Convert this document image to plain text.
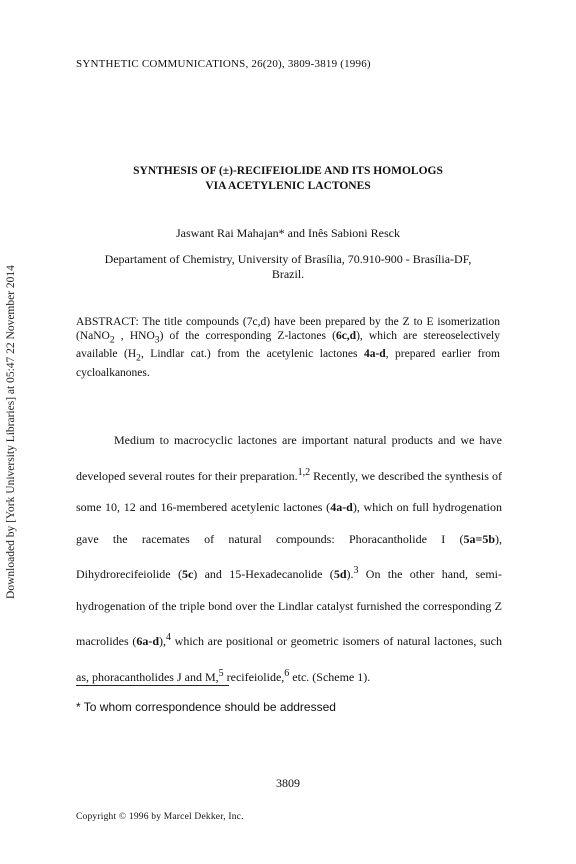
Downloaded by [York University Libraries] at 05:47 22 November 2014
SYNTHETIC COMMUNICATIONS, 26(20), 3809-3819 (1996)
SYNTHESIS OF (±)-RECIFEIOLIDE AND ITS HOMOLOGS
VIA ACETYLENIC LACTONES
Jaswant Rai Mahajan* and Inês Sabioni Resck
Departament of Chemistry, University of Brasília, 70.910-900 - Brasília-DF,
Brazil.
ABSTRACT: The title compounds (7c,d) have been prepared by the Z to E isomerization (NaNO$_2$ , $HNO_3$) of the corresponding Z-lactones (6c,d), which are stereoselectively available ($H_2$, Lindlar cat.) from the acetylenic lactones 4a-d, prepared earlier from cycloalkanones.

Medium to macrocyclic lactones are important natural products and we have developed several routes for their preparation.$^{1,2}$ Recently, we described the synthesis of some 10, 12 and 16-membered acetylenic lactones (4a-d), which on full hydrogenation gave the racemates of natural compounds: Phoracantholide I (5a=5b), Dihydrorecifeiolide (5c) and 15-Hexadecanolide (5d).$^3$ On the other hand, semi-hydrogenation of the triple bond over the Lindlar catalyst furnished the corresponding Z macrolides (6a-d),$^4$ which are positional or geometric isomers of natural lactones, such as, phoracantholides J and M,$^5$ recifeiolide,$^6$ etc. (Scheme 1).

* To whom correspondence should be addressed
3809
Copyright © 1996 by Marcel Dekker, Inc.
